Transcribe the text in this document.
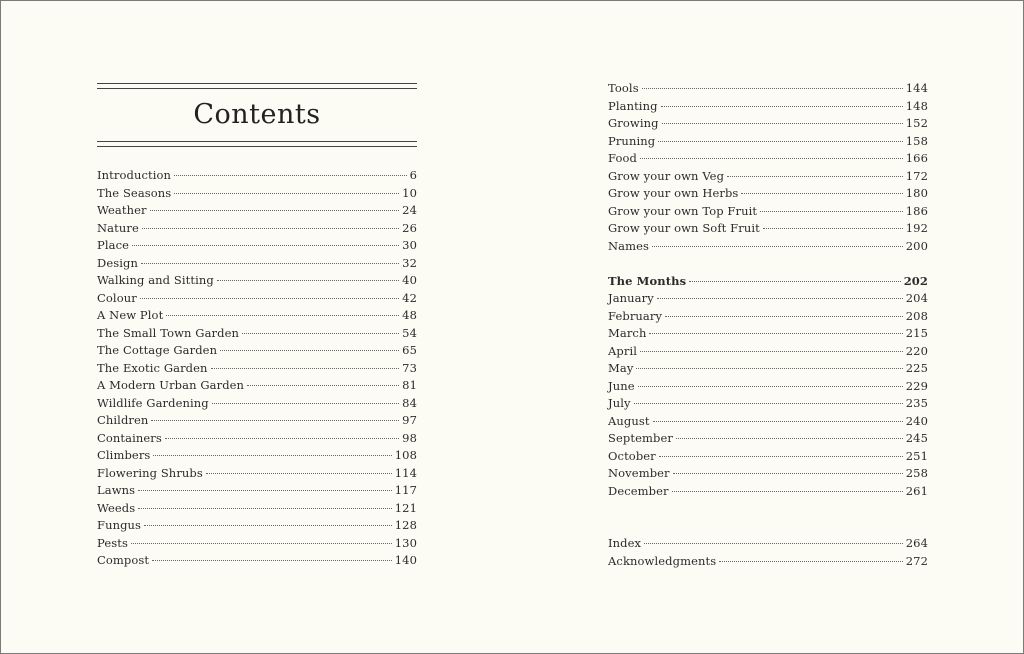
Contents
Introduction	6
The Seasons	10
Weather	24
Nature	26
Place	30
Design	32
Walking and Sitting	40
Colour	42
A New Plot	48
The Small Town Garden	54
The Cottage Garden	65
The Exotic Garden	73
A Modern Urban Garden	81
Wildlife Gardening	84
Children	97
Containers	98
Climbers	108
Flowering Shrubs	114
Lawns	117
Weeds	121
Fungus	128
Pests	130
Compost	140
Tools	144
Planting	148
Growing	152
Pruning	158
Food	166
Grow your own Veg	172
Grow your own Herbs	180
Grow your own Top Fruit	186
Grow your own Soft Fruit	192
Names	200
The Months	202
January	204
February	208
March	215
April	220
May	225
June	229
July	235
August	240
September	245
October	251
November	258
December	261
Index	264
Acknowledgments	272
